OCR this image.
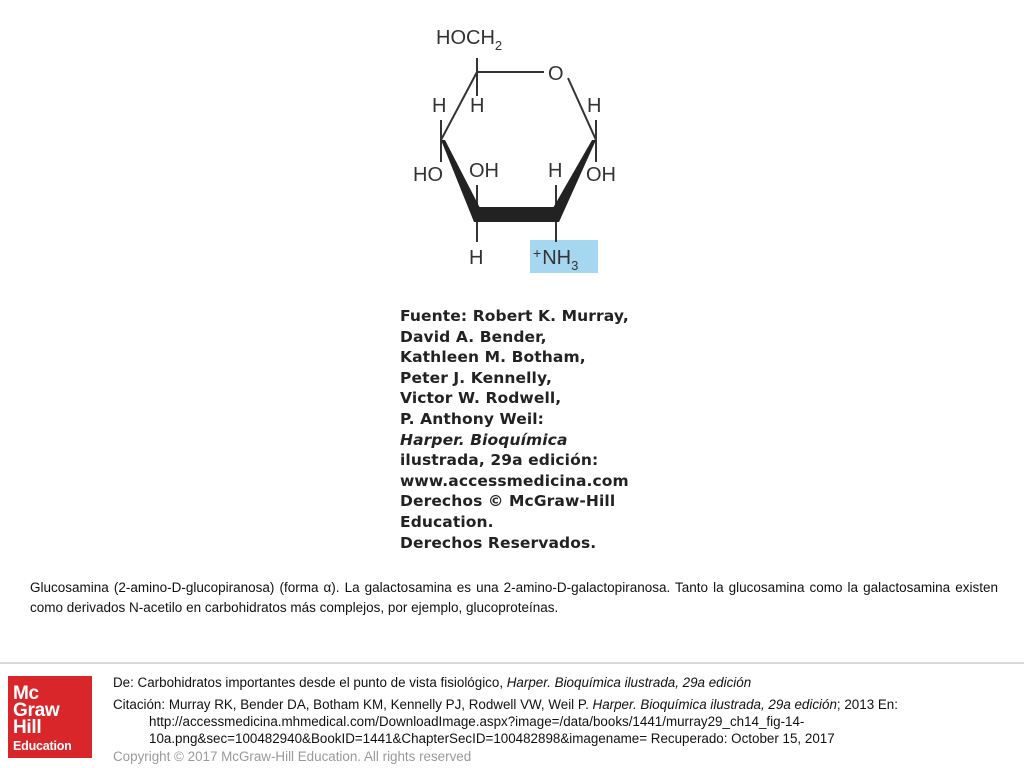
$HOCH_2$
O
H H	H
HO OH H OH
H	$^+NH_3$
Fuente: Robert K. Murray,
David A. Bender,
Kathleen M. Botham,
Peter J. Kennelly,
Victor W. Rodwell,
P. Anthony Weil:
Harper. Bioquímica
ilustrada, 29a edición:
www.accessmedicina.com
Derechos © McGraw-Hill
Education.
Derechos Reservados.
Glucosamina (2-amino-D-glucopiranosa) (forma α). La galactosamina es una 2-amino-D-galactopiranosa. Tanto la glucosamina como la galactosamina existen como derivados N-acetilo en carbohidratos más complejos, por ejemplo, glucoproteínas.
Mc
Graw
Hill
Education
De: Carbohidratos importantes desde el punto de vista fisiológico, Harper. Bioquímica ilustrada, 29a edición
Citación: Murray RK, Bender DA, Botham KM, Kennelly PJ, Rodwell VW, Weil P. Harper. Bioquímica ilustrada, 29a edición; 2013 En:
http://accessmedicina.mhmedical.com/DownloadImage.aspx?image=/data/books/1441/murray29_ch14_fig-14-
10a.png&sec=100482940&BookID=1441&ChapterSecID=100482898&imagename= Recuperado: October 15, 2017
Copyright © 2017 McGraw-Hill Education. All rights reserved
